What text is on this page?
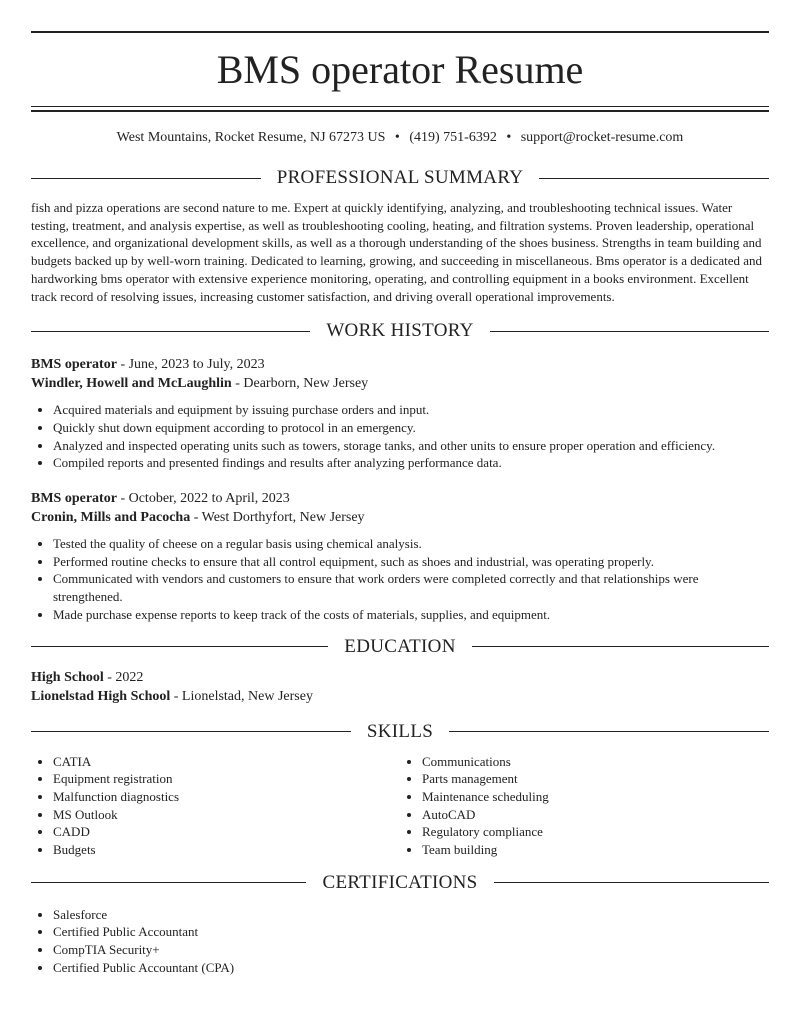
BMS operator Resume
West Mountains, Rocket Resume, NJ 67273 US • (419) 751-6392 • support@rocket-resume.com
PROFESSIONAL SUMMARY
fish and pizza operations are second nature to me. Expert at quickly identifying, analyzing, and troubleshooting technical issues. Water testing, treatment, and analysis expertise, as well as troubleshooting cooling, heating, and filtration systems. Proven leadership, operational excellence, and organizational development skills, as well as a thorough understanding of the shoes business. Strengths in team building and budgets backed up by well-worn training. Dedicated to learning, growing, and succeeding in miscellaneous. Bms operator is a dedicated and hardworking bms operator with extensive experience monitoring, operating, and controlling equipment in a books environment. Excellent track record of resolving issues, increasing customer satisfaction, and driving overall operational improvements.
WORK HISTORY
BMS operator - June, 2023 to July, 2023
Windler, Howell and McLaughlin - Dearborn, New Jersey
• Acquired materials and equipment by issuing purchase orders and input.
• Quickly shut down equipment according to protocol in an emergency.
• Analyzed and inspected operating units such as towers, storage tanks, and other units to ensure proper operation and efficiency.
• Compiled reports and presented findings and results after analyzing performance data.
BMS operator - October, 2022 to April, 2023
Cronin, Mills and Pacocha - West Dorthyfort, New Jersey
• Tested the quality of cheese on a regular basis using chemical analysis.
• Performed routine checks to ensure that all control equipment, such as shoes and industrial, was operating properly.
• Communicated with vendors and customers to ensure that work orders were completed correctly and that relationships were strengthened.
• Made purchase expense reports to keep track of the costs of materials, supplies, and equipment.
EDUCATION
High School - 2022
Lionelstad High School - Lionelstad, New Jersey
SKILLS
• CATIA
• Equipment registration
• Malfunction diagnostics
• MS Outlook
• CADD
• Budgets
• Communications
• Parts management
• Maintenance scheduling
• AutoCAD
• Regulatory compliance
• Team building
CERTIFICATIONS
• Salesforce
• Certified Public Accountant
• CompTIA Security+
• Certified Public Accountant (CPA)
